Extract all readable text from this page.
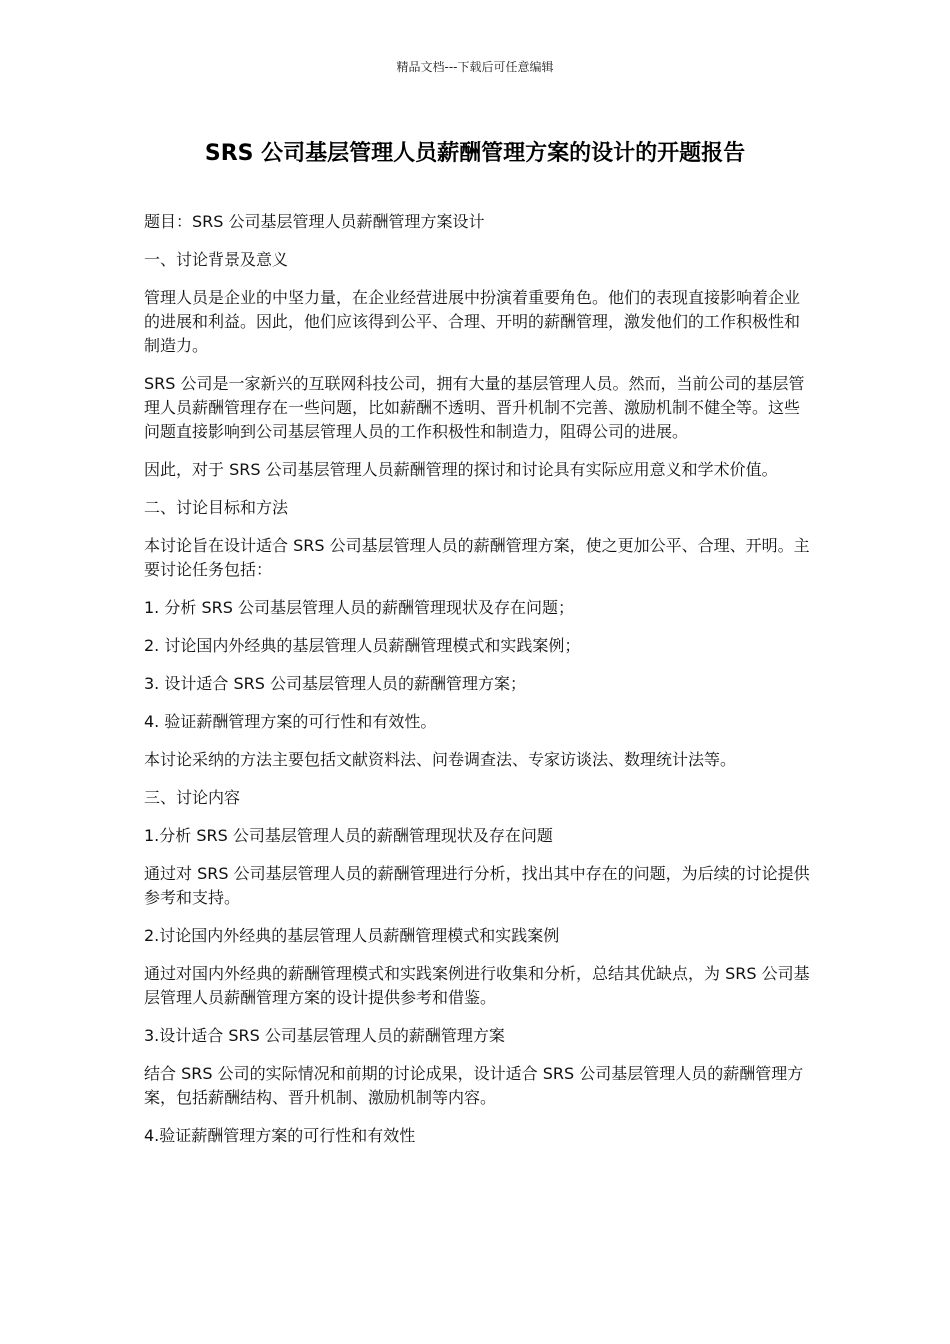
精品文档---下载后可任意编辑
SRS 公司基层管理人员薪酬管理方案的设计的开题报告

题目：SRS 公司基层管理人员薪酬管理方案设计

一、讨论背景及意义

管理人员是企业的中坚力量，在企业经营进展中扮演着重要角色。他们的表现直接影响着企业的进展和利益。因此，他们应该得到公平、合理、开明的薪酬管理，激发他们的工作积极性和制造力。

SRS 公司是一家新兴的互联网科技公司，拥有大量的基层管理人员。然而，当前公司的基层管理人员薪酬管理存在一些问题，比如薪酬不透明、晋升机制不完善、激励机制不健全等。这些问题直接影响到公司基层管理人员的工作积极性和制造力，阻碍公司的进展。

因此，对于 SRS 公司基层管理人员薪酬管理的探讨和讨论具有实际应用意义和学术价值。

二、讨论目标和方法

本讨论旨在设计适合 SRS 公司基层管理人员的薪酬管理方案，使之更加公平、合理、开明。主要讨论任务包括：

1. 分析 SRS 公司基层管理人员的薪酬管理现状及存在问题；

2. 讨论国内外经典的基层管理人员薪酬管理模式和实践案例；

3. 设计适合 SRS 公司基层管理人员的薪酬管理方案；

4. 验证薪酬管理方案的可行性和有效性。

本讨论采纳的方法主要包括文献资料法、问卷调查法、专家访谈法、数理统计法等。

三、讨论内容

1.分析 SRS 公司基层管理人员的薪酬管理现状及存在问题

通过对 SRS 公司基层管理人员的薪酬管理进行分析，找出其中存在的问题，为后续的讨论提供参考和支持。

2.讨论国内外经典的基层管理人员薪酬管理模式和实践案例

通过对国内外经典的薪酬管理模式和实践案例进行收集和分析，总结其优缺点，为 SRS 公司基层管理人员薪酬管理方案的设计提供参考和借鉴。

3.设计适合 SRS 公司基层管理人员的薪酬管理方案

结合 SRS 公司的实际情况和前期的讨论成果，设计适合 SRS 公司基层管理人员的薪酬管理方案，包括薪酬结构、晋升机制、激励机制等内容。

4.验证薪酬管理方案的可行性和有效性
